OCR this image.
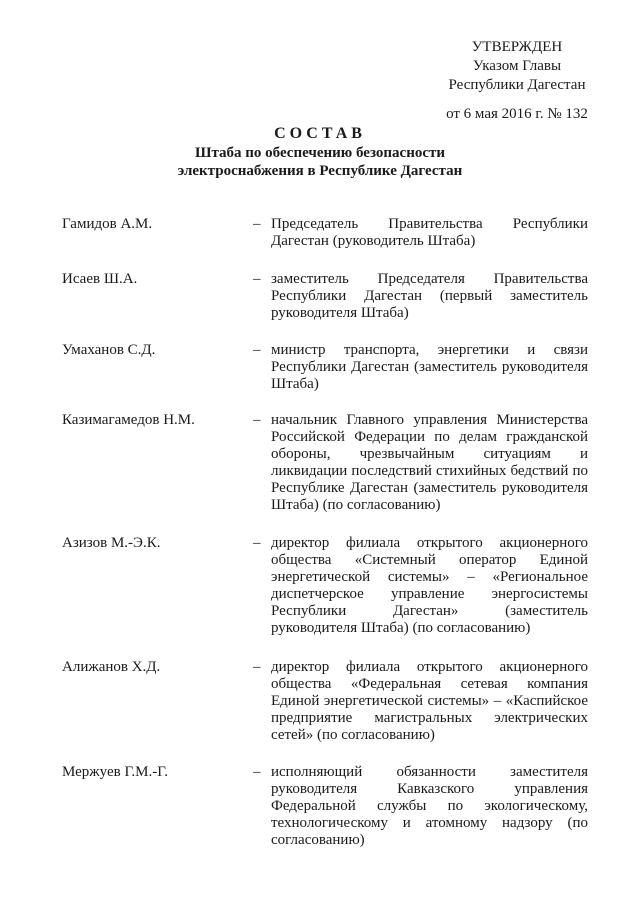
УТВЕРЖДЕН
Указом Главы
Республики Дагестан
от 6 мая 2016 г. № 132
СОСТАВ
Штаба по обеспечению безопасности
электроснабжения в Республике Дагестан
Гамидов А.М.	– Председатель Правительства Республики Дагестан (руководитель Штаба)
Исаев Ш.А.	– заместитель Председателя Правительства Республики Дагестан (первый заместитель руководителя Штаба)
Умаханов С.Д.	– министр транспорта, энергетики и связи Республики Дагестан (заместитель руководителя Штаба)
Казимагамедов Н.М.	– начальник Главного управления Министерства Российской Федерации по делам гражданской обороны, чрезвычайным ситуациям и ликвидации последствий стихийных бедствий по Республике Дагестан (заместитель руководителя Штаба) (по согласованию)
Азизов М.-Э.К.	– директор филиала открытого акционерного общества «Системный оператор Единой энергетической системы» – «Региональное диспетчерское управление энергосистемы Республики Дагестан» (заместитель руководителя Штаба) (по согласованию)
Алижанов Х.Д.	– директор филиала открытого акционерного общества «Федеральная сетевая компания Единой энергетической системы» – «Каспийское предприятие магистральных электрических сетей» (по согласованию)
Мержуев Г.М.-Г.	– исполняющий обязанности заместителя руководителя Кавказского управления Федеральной службы по экологическому, технологическому и атомному надзору (по согласованию)
